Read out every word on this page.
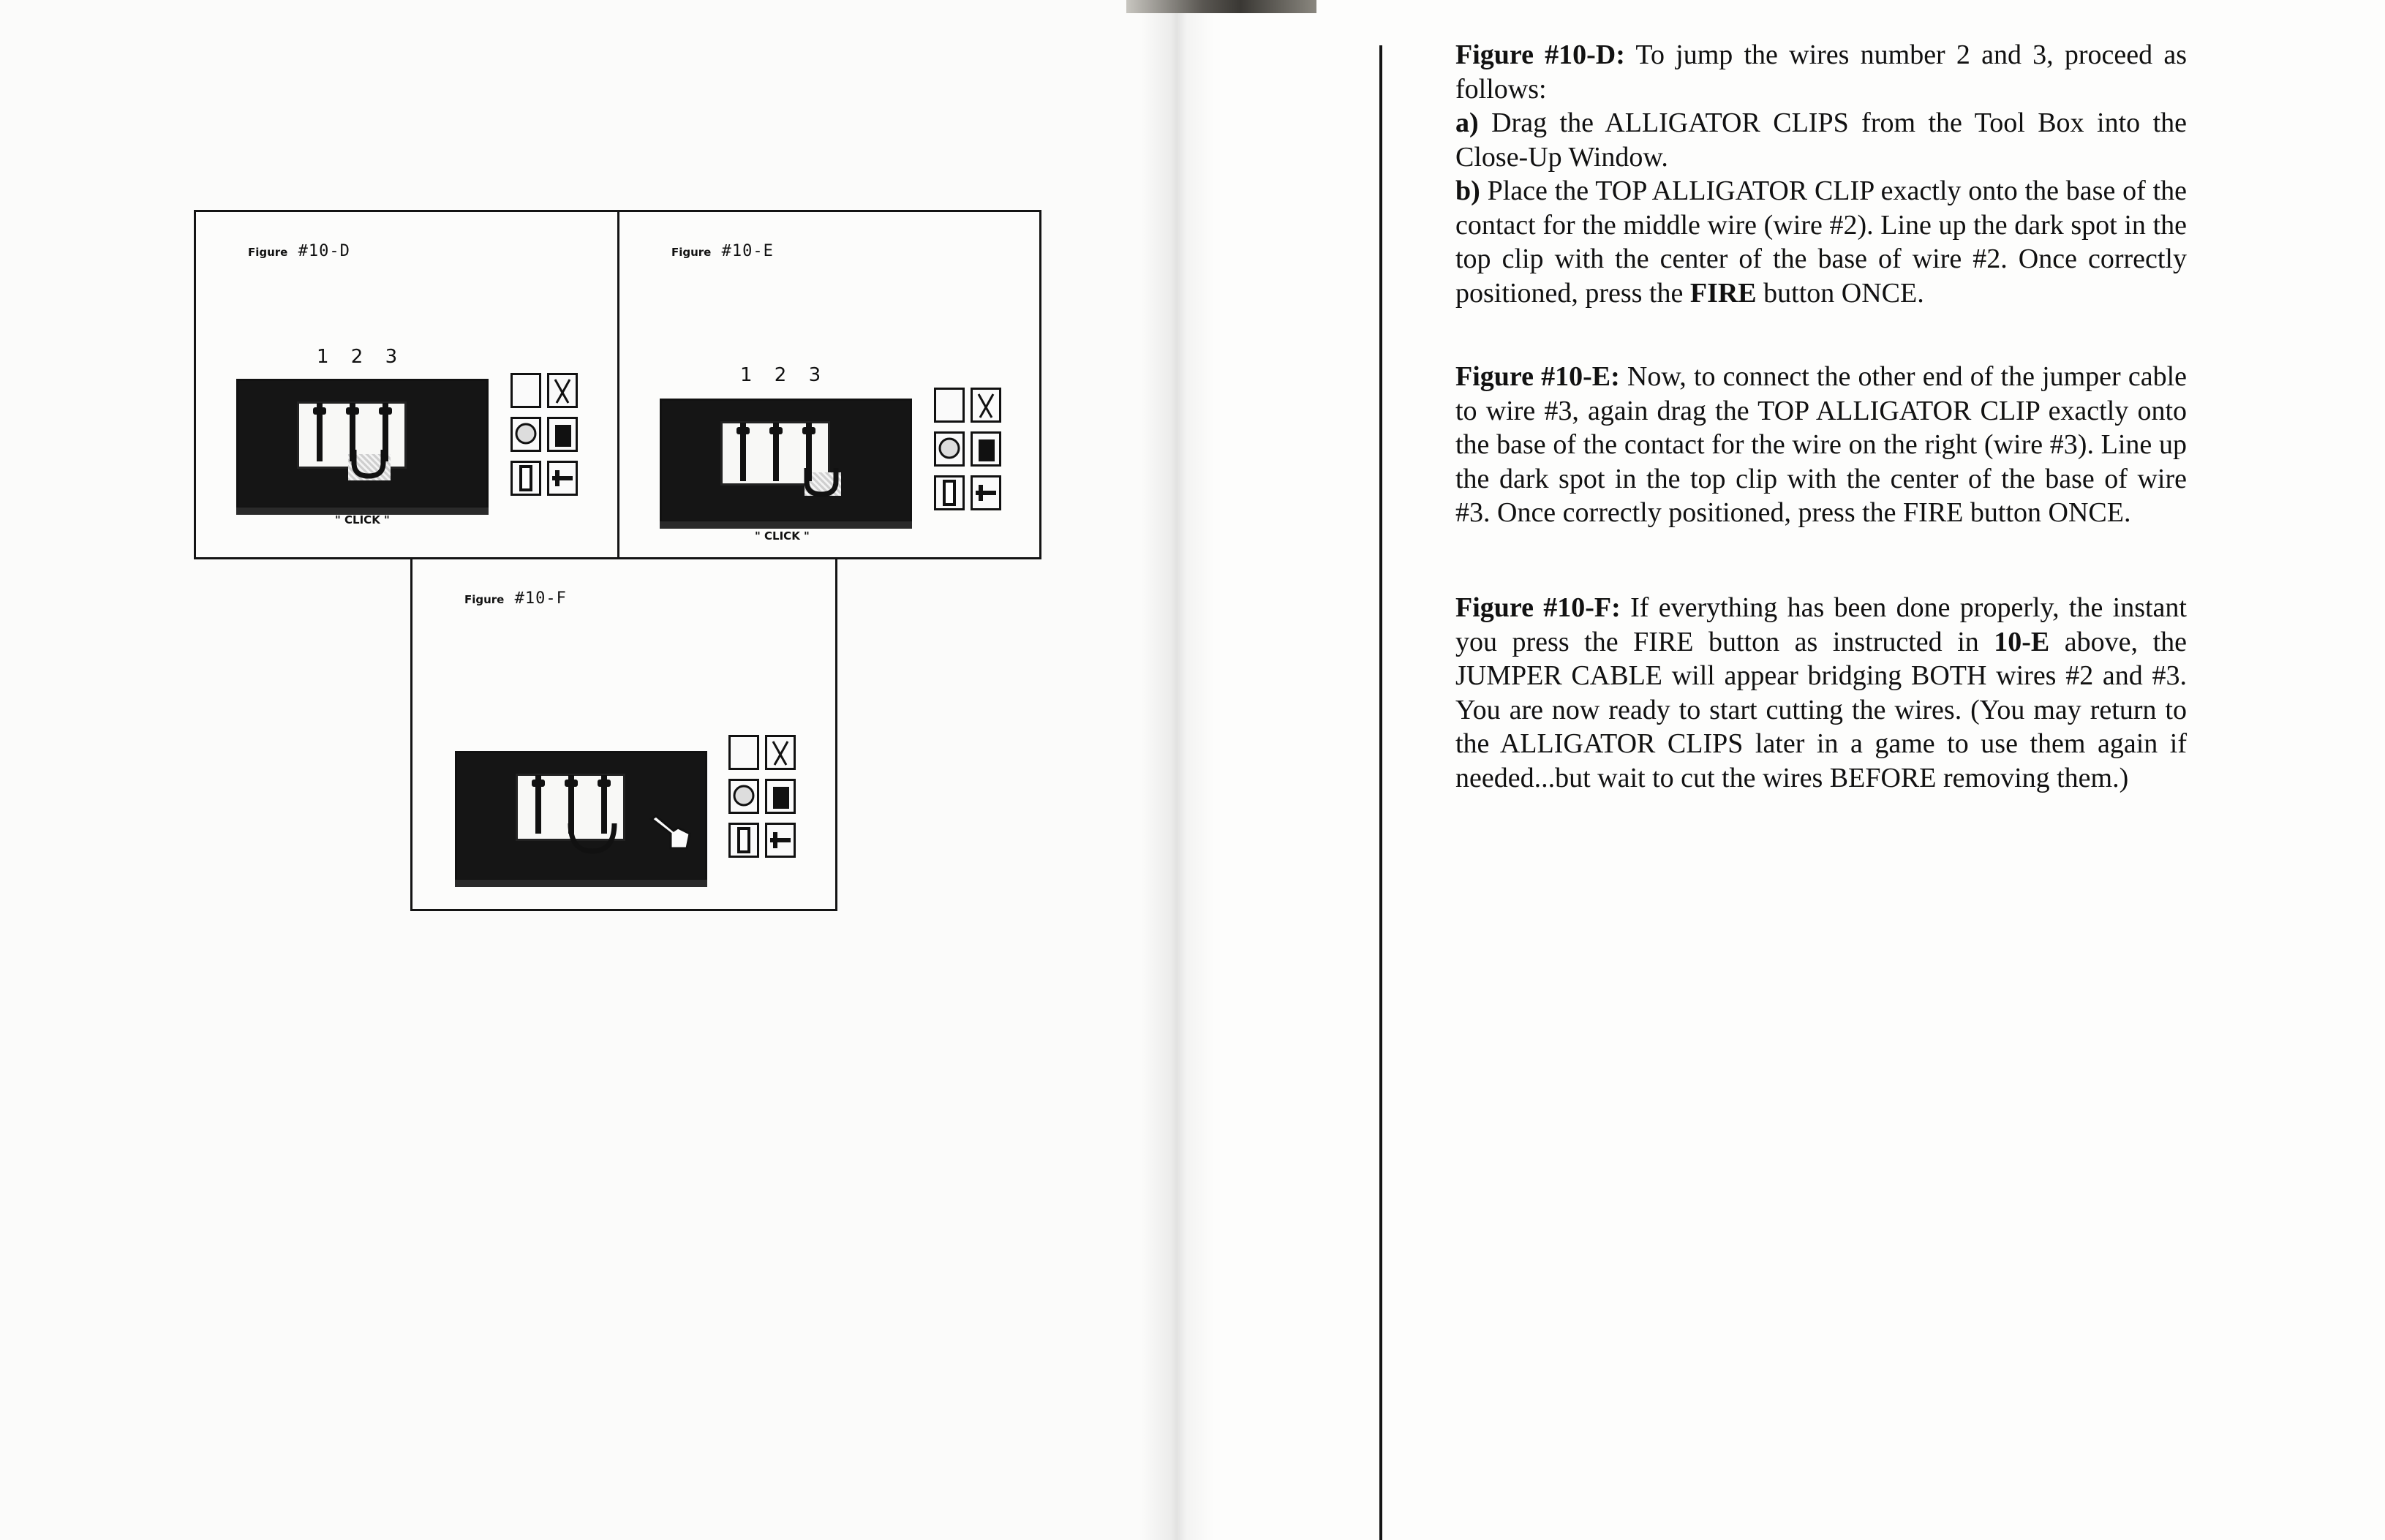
Figure #10-D

1 2 3
" CLICK "

Figure #10-E

1 2 3
" CLICK "

Figure #10-F

Figure #10-D: To jump the wires number 2 and 3, proceed as follows:

a) Drag the ALLIGATOR CLIPS from the Tool Box into the Close-Up Window.

b) Place the TOP ALLIGATOR CLIP exactly onto the base of the contact for the middle wire (wire #2). Line up the dark spot in the top clip with the center of the base of wire #2. Once correctly positioned, press the FIRE button ONCE.

Figure #10-E: Now, to connect the other end of the jumper cable to wire #3, again drag the TOP ALLIGATOR CLIP exactly onto the base of the contact for the wire on the right (wire #3). Line up the dark spot in the top clip with the center of the base of wire #3. Once correctly positioned, press the FIRE button ONCE.

Figure #10-F: If everything has been done properly, the instant you press the FIRE button as instructed in 10-E above, the JUMPER CABLE will appear bridging BOTH wires #2 and #3. You are now ready to start cutting the wires. (You may return to the ALLIGATOR CLIPS later in a game to use them again if needed...but wait to cut the wires BEFORE removing them.)
